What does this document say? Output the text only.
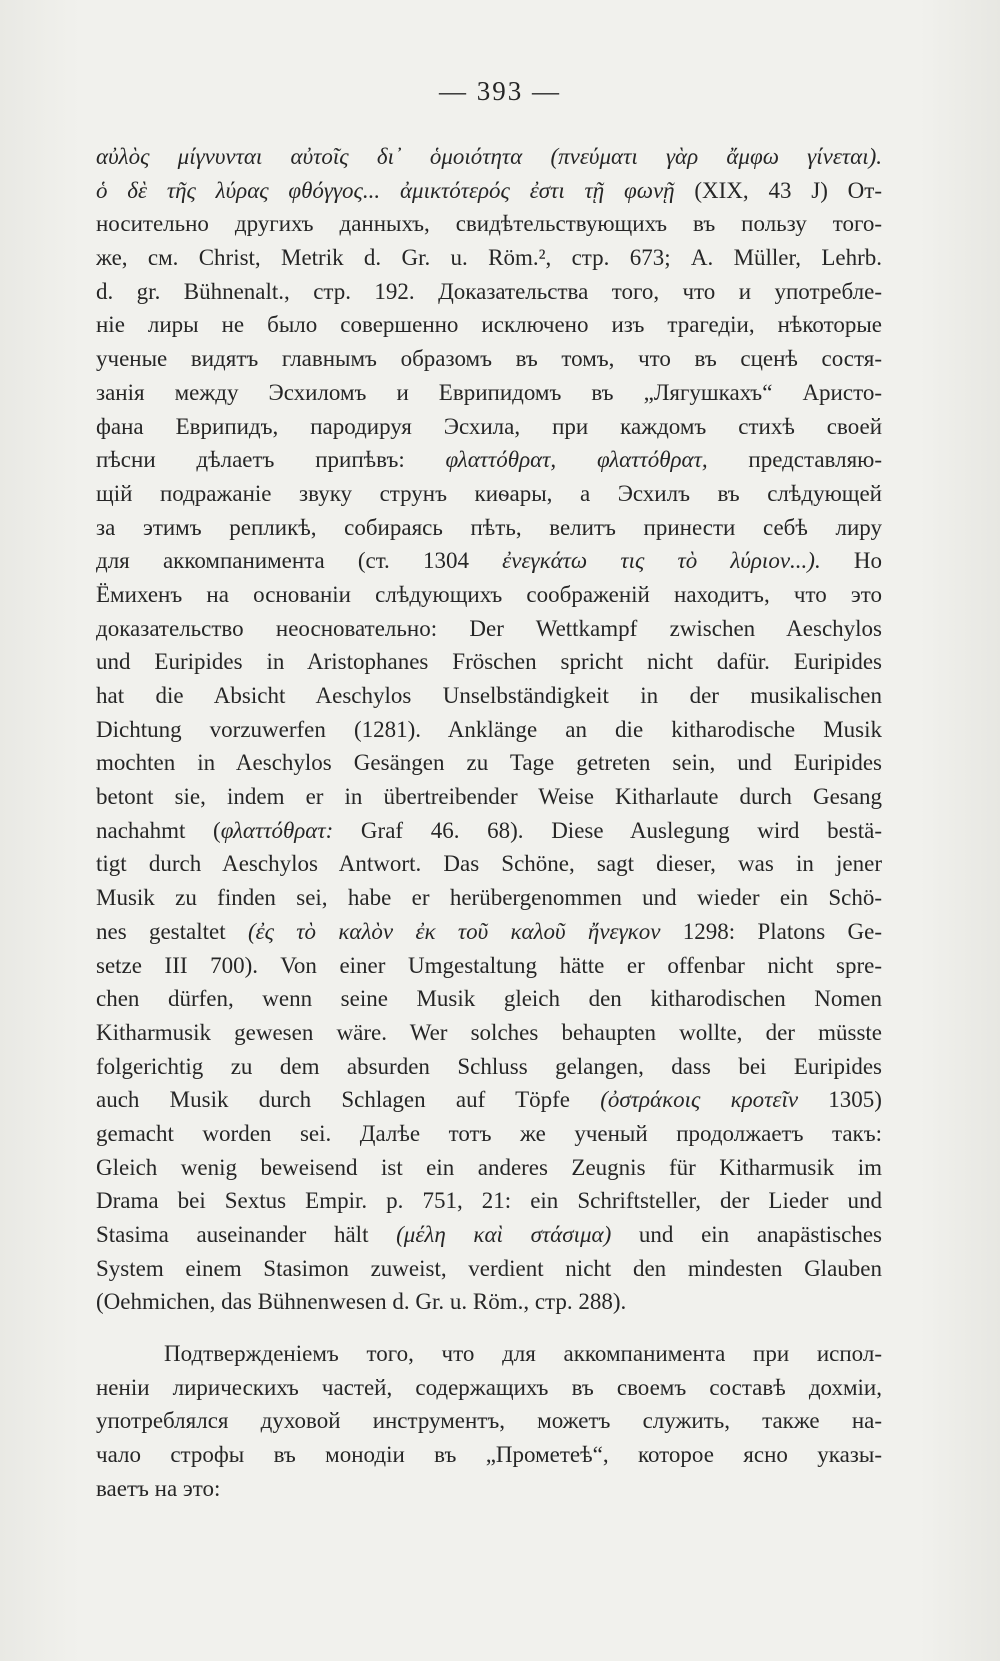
— 393 —
αὐλὸς μίγνυνται αὐτοῖς δι᾽ ὁμοιότητα (πνεύματι γὰρ ἄμφω γίνεται).
ὁ δὲ τῆς λύρας φθόγγος... ἀμικτότερός ἐστι τῇ φωνῇ (XIX, 43 J) От-
носительно другихъ данныхъ, свидѣтельствующихъ въ пользу того-
же, см. Christ, Metrik d. Gr. u. Röm.², стр. 673; A. Müller, Lehrb.
d. gr. Bühnenalt., стр. 192. Доказательства того, что и употребле-
ніе лиры не было совершенно исключено изъ трагедіи, нѣкоторые
ученые видятъ главнымъ образомъ въ томъ, что въ сценѣ состя-
занія между Эсхиломъ и Еврипидомъ въ „Лягушкахъ“ Аристо-
фана Еврипидъ, пародируя Эсхила, при каждомъ стихѣ своей
пѣсни дѣлаетъ припѣвъ: φλαττόθρατ, φλαττόθρατ, представляю-
щій подражаніе звуку струнъ киѳары, а Эсхилъ въ слѣдующей
за этимъ репликѣ, собираясь пѣть, велитъ принести себѣ лиру
для аккомпанимента (ст. 1304 ἐνεγκάτω τις τὸ λύριον...). Но
Ёмихенъ на основаніи слѣдующихъ соображеній находитъ, что это
доказательство неосновательно: Der Wettkampf zwischen Aeschylos
und Euripides in Aristophanes Fröschen spricht nicht dafür. Euripides
hat die Absicht Aeschylos Unselbständigkeit in der musikalischen
Dichtung vorzuwerfen (1281). Anklänge an die kitharodische Musik
mochten in Aeschylos Gesängen zu Tage getreten sein, und Euripides
betont sie, indem er in übertreibender Weise Kitharlaute durch Gesang
nachahmt (φλαττόθρατ: Graf 46. 68). Diese Auslegung wird bestä-
tigt durch Aeschylos Antwort. Das Schöne, sagt dieser, was in jener
Musik zu finden sei, habe er herübergenommen und wieder ein Schö-
nes gestaltet (ἐς τὸ καλὸν ἐκ τοῦ καλοῦ ἤνεγκον 1298: Platons Ge-
setze III 700). Von einer Umgestaltung hätte er offenbar nicht spre-
chen dürfen, wenn seine Musik gleich den kitharodischen Nomen
Kitharmusik gewesen wäre. Wer solches behaupten wollte, der müsste
folgerichtig zu dem absurden Schluss gelangen, dass bei Euripides
auch Musik durch Schlagen auf Töpfe (ὀστράκοις κροτεῖν 1305)
gemacht worden sei. Далѣе тотъ же ученый продолжаетъ такъ:
Gleich wenig beweisend ist ein anderes Zeugnis für Kitharmusik im
Drama bei Sextus Empir. p. 751, 21: ein Schriftsteller, der Lieder und
Stasima auseinander hält (μέλη καὶ στάσιμα) und ein anapästisches
System einem Stasimon zuweist, verdient nicht den mindesten Glauben
(Oehmichen, das Bühnenwesen d. Gr. u. Röm., стр. 288).
Подтвержденіемъ того, что для аккомпанимента при испол-
неніи лирическихъ частей, содержащихъ въ своемъ составѣ дохміи,
употреблялся духовой инструментъ, можетъ служить, также на-
чало строфы въ монодіи въ „Прометеѣ“, которое ясно указы-
ваетъ на это:
